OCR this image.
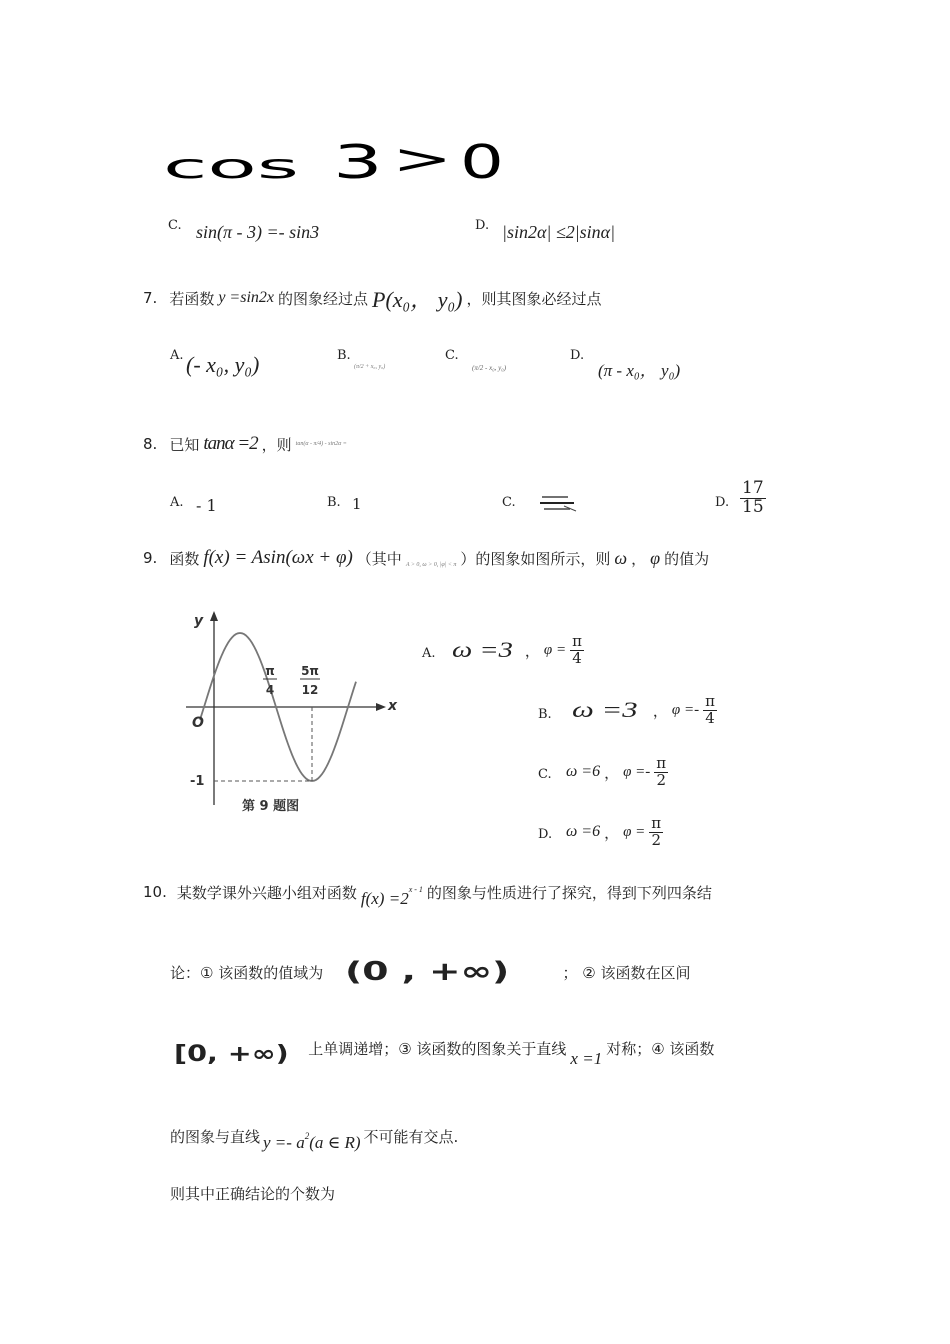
cos 3 > 0
C. sin(π - 3) =- sin3	D. |sin2α| ≤2|sinα|
7. 若函数 y =sin2x 的图象经过点 P(x₀， y₀) ，则其图象必经过点
A. (- x₀, y₀)	B.
(π/2 + x₀, y₀)
C.
(π/2 - x₀, y₀)
D.
(π - x₀， y₀)
8. 已知 tanα =2 ，则 tan(α - π/4) - sin2α =
A. - 1	B. 1	C.	D. $\frac{17}{15}$
9. 函数 f(x) = Asin(ωx + φ) （其中 A > 0, ω > 0, |φ| < π ）的图象如图所示，则 ω ， φ 的值为
y
x
O
π
4
5π
12
-1
第 9 题图
A. ω =3 ， $\varphi = \frac{\pi}{4}$
B. ω =3 ， $\varphi =- \frac{\pi}{4}$
C. ω =6 ， $\varphi =- \frac{\pi}{2}$
D. ω =6 ， $\varphi = \frac{\pi}{2}$
10. 某数学课外兴趣小组对函数 $f(x) =2^{x - 1}$ 的图象与性质进行了探究，得到下列四条结
论：① 该函数的值域为 (0 , +∞)	； ② 该函数在区间
[0, +∞) 上单调递增；③ 该函数的图象关于直线
x =1
对称；④ 该函数
的图象与直线 $y =- a^2(a$ ∈ R) 不可能有交点.
则其中正确结论的个数为
